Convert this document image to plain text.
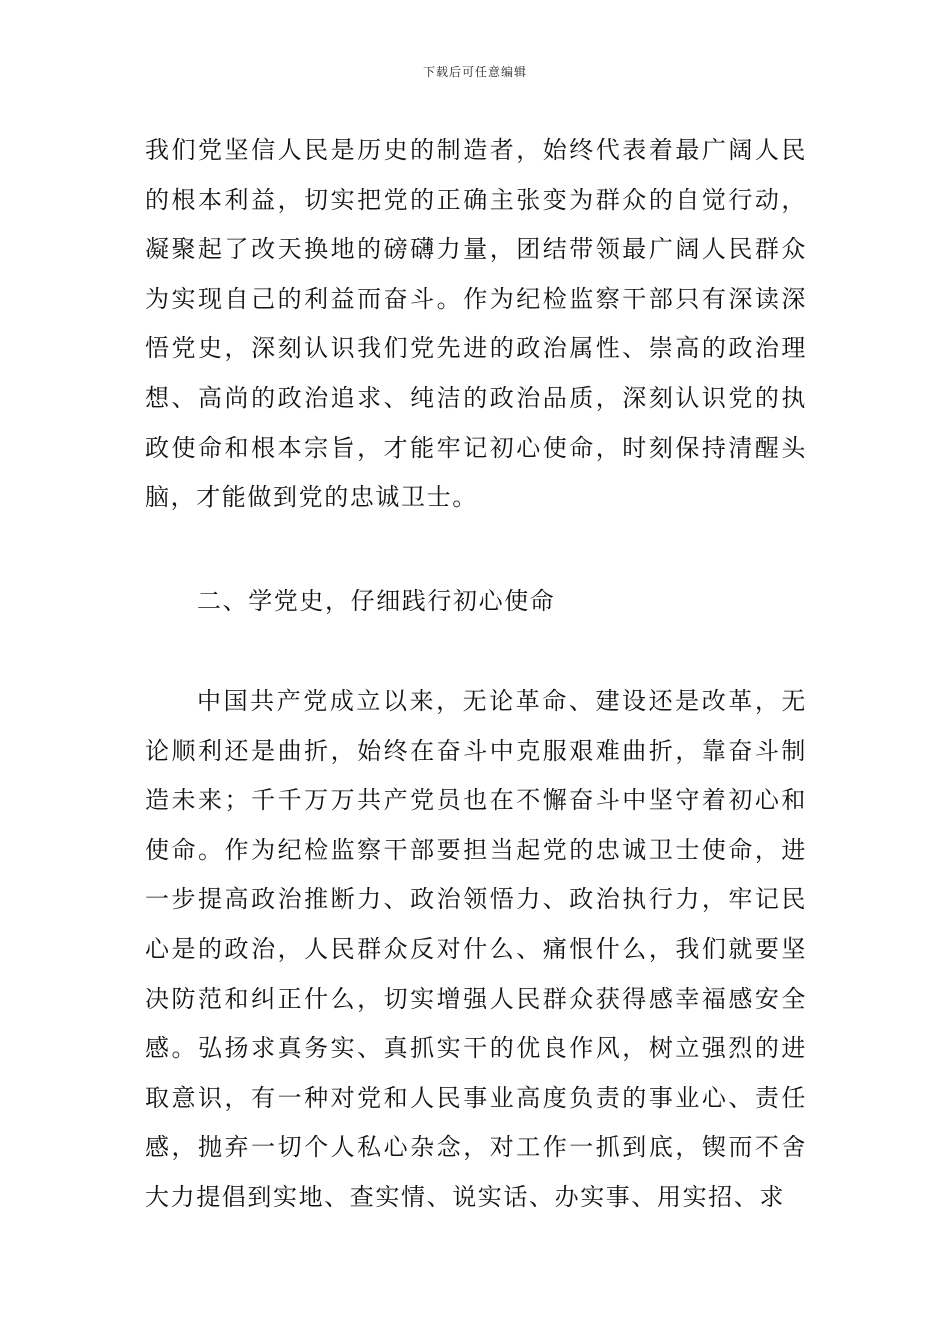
下载后可任意编辑

我们党坚信人民是历史的制造者，始终代表着最广阔人民的根本利益，切实把党的正确主张变为群众的自觉行动，凝聚起了改天换地的磅礴力量，团结带领最广阔人民群众为实现自己的利益而奋斗。作为纪检监察干部只有深读深悟党史，深刻认识我们党先进的政治属性、崇高的政治理想、高尚的政治追求、纯洁的政治品质，深刻认识党的执政使命和根本宗旨，才能牢记初心使命，时刻保持清醒头脑，才能做到党的忠诚卫士。

二、学党史，仔细践行初心使命

中国共产党成立以来，无论革命、建设还是改革，无论顺利还是曲折，始终在奋斗中克服艰难曲折，靠奋斗制造未来；千千万万共产党员也在不懈奋斗中坚守着初心和使命。作为纪检监察干部要担当起党的忠诚卫士使命，进一步提高政治推断力、政治领悟力、政治执行力，牢记民心是的政治，人民群众反对什么、痛恨什么，我们就要坚决防范和纠正什么，切实增强人民群众获得感幸福感安全感。弘扬求真务实、真抓实干的优良作风，树立强烈的进取意识，有一种对党和人民事业高度负责的事业心、责任感，抛弃一切个人私心杂念，对工作一抓到底，锲而不舍大力提倡到实地、查实情、说实话、办实事、用实招、求
